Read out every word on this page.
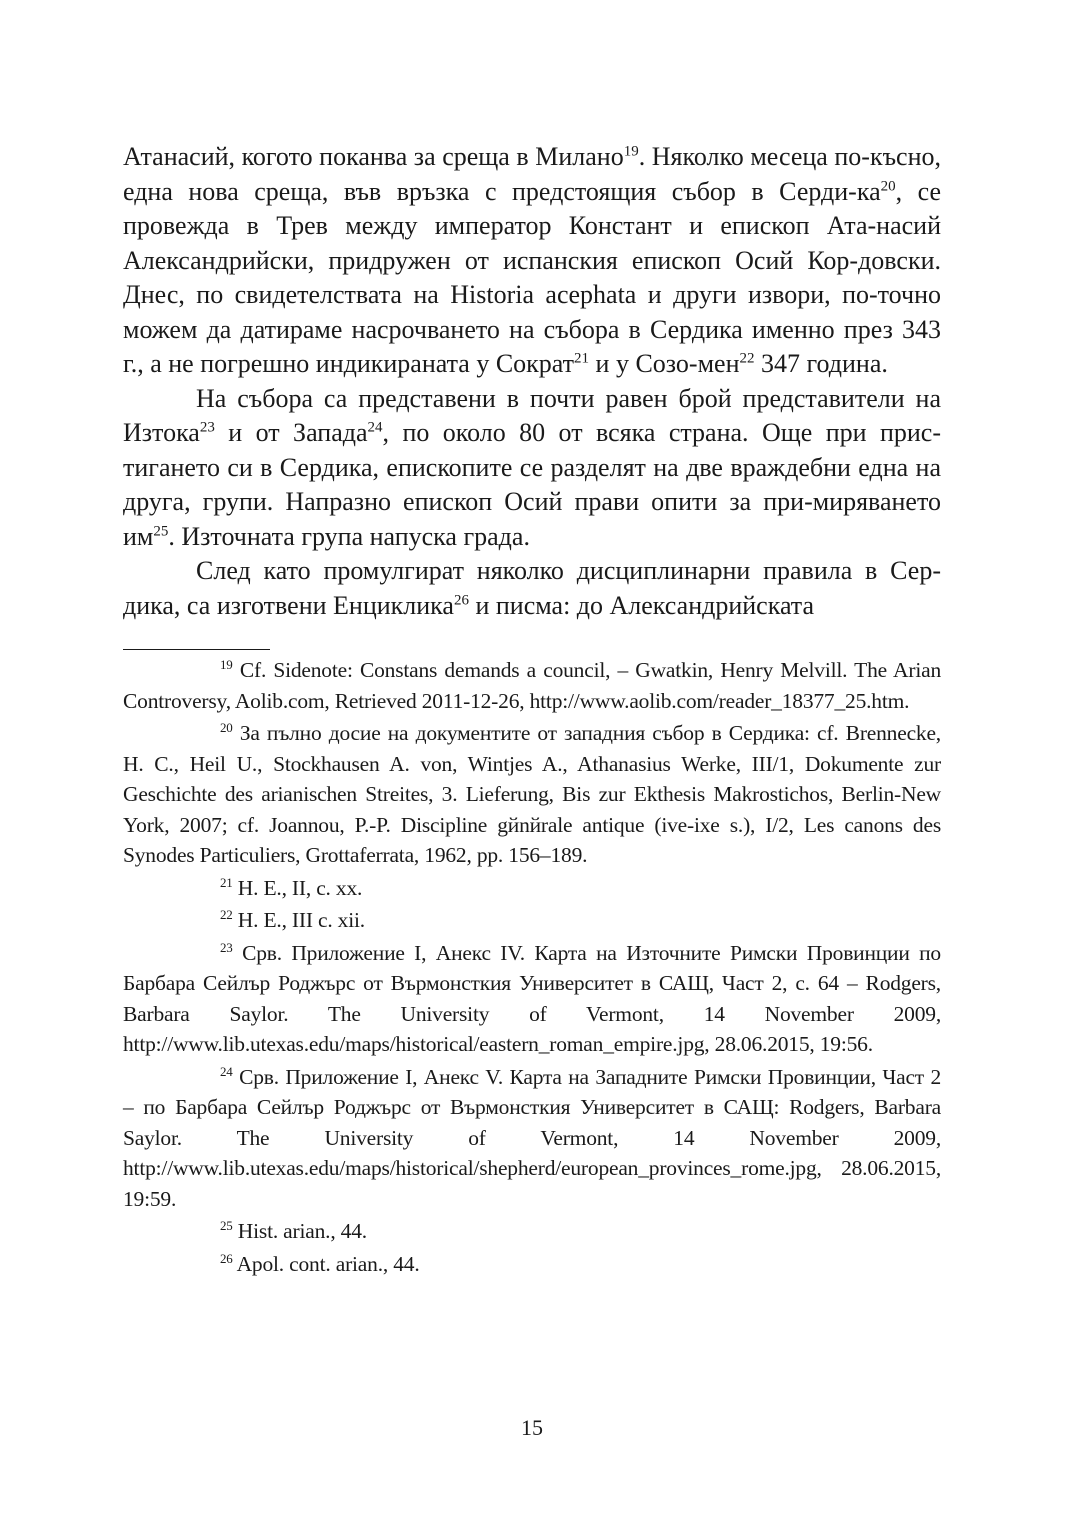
Атанасий, когото поканва за среща в Милано$^{19}$. Няколко месеца по-късно, една нова среща, във връзка с предстоящия събор в Серди-$ка^{20}$, се провежда в Трев между император Констант и епископ Ата-насий Александрийски, придружен от испанския епископ Осий Кор-довски. Днес, по свидетелствата на Historia acephata и други извори, по-точно можем да датираме насрочването на събора в Сердика именно през 343 г., а не погрешно индикираната у Сократ$^{21}$ и у Созо-мен$^{22}$ 347 година.

На събора са представени в почти равен брой представители на Изтока$^{23}$ и от Запада$^{24}$, по около 80 от всяка страна. Още при прис-тигането си в Сердика, епископите се разделят на две враждебни една на друга, групи. Напразно епископ Осий прави опити за при-миряването $им^{25}$. Източната група напуска града.

След като промулгират няколко дисциплинарни правила в Сер-дика, са изготвени Енциклика$^{26}$ и писма: до Александрийската

$^{19}$ Cf. Sidenote: Constans demands a council, – Gwatkin, Henry Melvill. The Arian Controversy, Aolib.com, Retrieved 2011-12-26, http://www.aolib.com/reader_18377_25.htm.

$^{20}$ За пълно досие на документите от западния събор в Сердика: cf. Brennecke, H. C., Heil U., Stockhausen A. von, Wintjes A., Athanasius Werke, III/1, Dokumente zur Geschichte des arianischen Streites, 3. Lieferung, Bis zur Ekthesis Makrostichos, Berlin-New York, 2007; cf. Joannou, P.-P. Discipline gйnйrale antique (ive-ixe s.), I/2, Les canons des Synodes Particuliers, Grottaferrata, 1962, pp. 156–189.

$^{21}$ H. E., II, c. xx.

$^{22}$ H. E., III c. xii.

$^{23}$ Срв. Приложение I, Анекс IV. Карта на Източните Римски Провинции по Барбара Сейлър Роджърс от Върмонсткия Университет в САЩ, Част 2, с. 64 – Rodgers, Barbara Saylor. The University of Vermont, 14 November 2009, http://www.lib.utexas.edu/maps/historical/eastern_roman_empire.jpg, 28.06.2015, 19:56.

$^{24}$ Срв. Приложение I, Анекс V. Карта на Западните Римски Провинции, Част 2 – по Барбара Сейлър Роджърс от Върмонсткия Университет в САЩ: Rodgers, Barbara Saylor. The University of Vermont, 14 November 2009, http://www.lib.utexas.edu/maps/historical/shepherd/european_provinces_rome.jpg, 28.06.2015, 19:59.

$^{25}$ Hist. arian., 44.

$^{26}$ Apol. cont. arian., 44.

15
